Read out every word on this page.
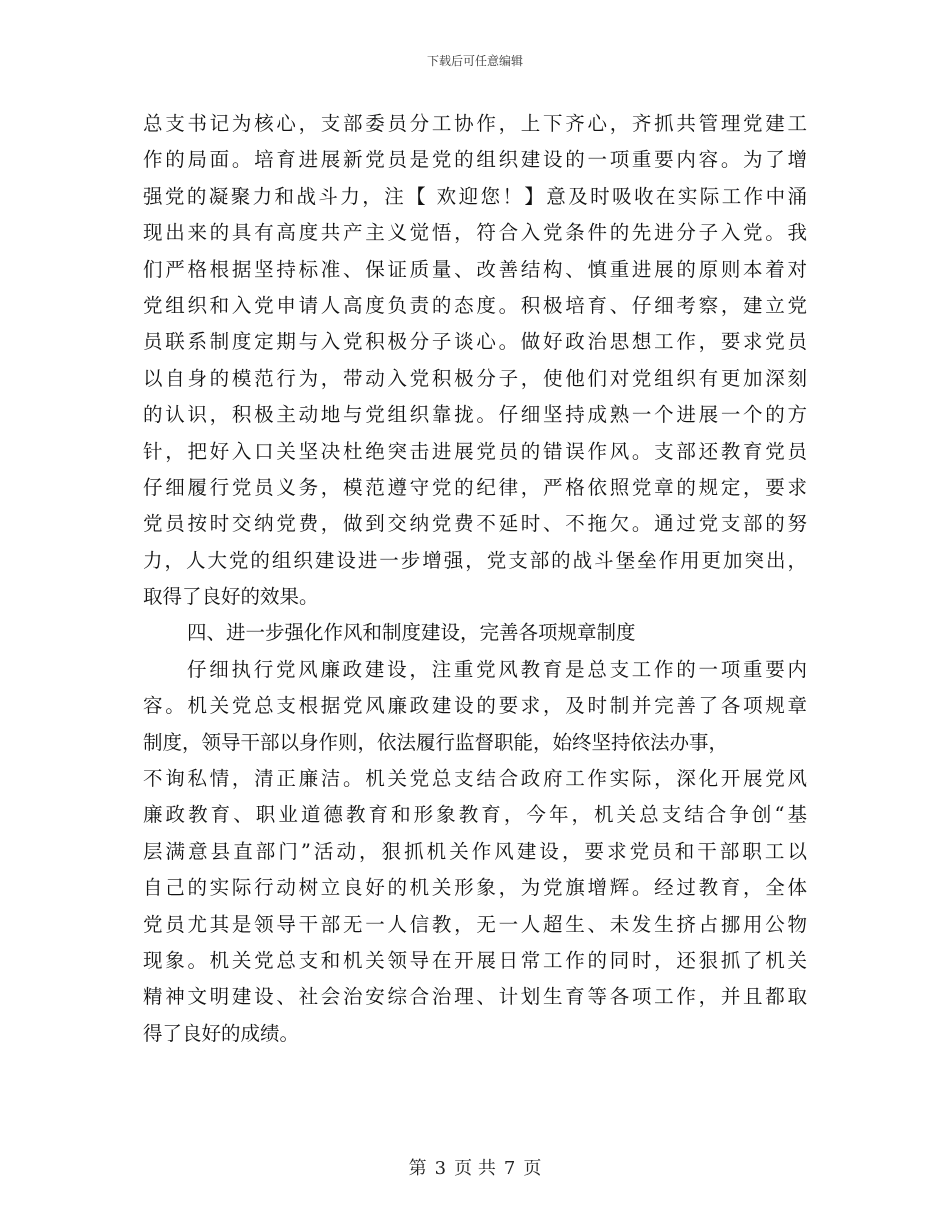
下载后可任意编辑
总支书记为核心，支部委员分工协作，上下齐心，齐抓共管理党建工
作的局面。培育进展新党员是党的组织建设的一项重要内容。为了增
强党的凝聚力和战斗力，注【 欢迎您！】意及时吸收在实际工作中涌
现出来的具有高度共产主义觉悟，符合入党条件的先进分子入党。我
们严格根据坚持标准、保证质量、改善结构、慎重进展的原则本着对
党组织和入党申请人高度负责的态度。积极培育、仔细考察，建立党
员联系制度定期与入党积极分子谈心。做好政治思想工作，要求党员
以自身的模范行为，带动入党积极分子，使他们对党组织有更加深刻
的认识，积极主动地与党组织靠拢。仔细坚持成熟一个进展一个的方
针，把好入口关坚决杜绝突击进展党员的错误作风。支部还教育党员
仔细履行党员义务，模范遵守党的纪律，严格依照党章的规定，要求
党员按时交纳党费，做到交纳党费不延时、不拖欠。通过党支部的努
力，人大党的组织建设进一步增强，党支部的战斗堡垒作用更加突出，
取得了良好的效果。
四、进一步强化作风和制度建设，完善各项规章制度
仔细执行党风廉政建设，注重党风教育是总支工作的一项重要内
容。机关党总支根据党风廉政建设的要求，及时制并完善了各项规章
制度，领导干部以身作则，依法履行监督职能，始终坚持依法办事，
不询私情，清正廉洁。机关党总支结合政府工作实际，深化开展党风
廉政教育、职业道德教育和形象教育，今年，机关总支结合争创“基
层满意县直部门”活动，狠抓机关作风建设，要求党员和干部职工以
自己的实际行动树立良好的机关形象，为党旗增辉。经过教育，全体
党员尤其是领导干部无一人信教，无一人超生、未发生挤占挪用公物
现象。机关党总支和机关领导在开展日常工作的同时，还狠抓了机关
精神文明建设、社会治安综合治理、计划生育等各项工作，并且都取
得了良好的成绩。
第 3 页 共 7 页
